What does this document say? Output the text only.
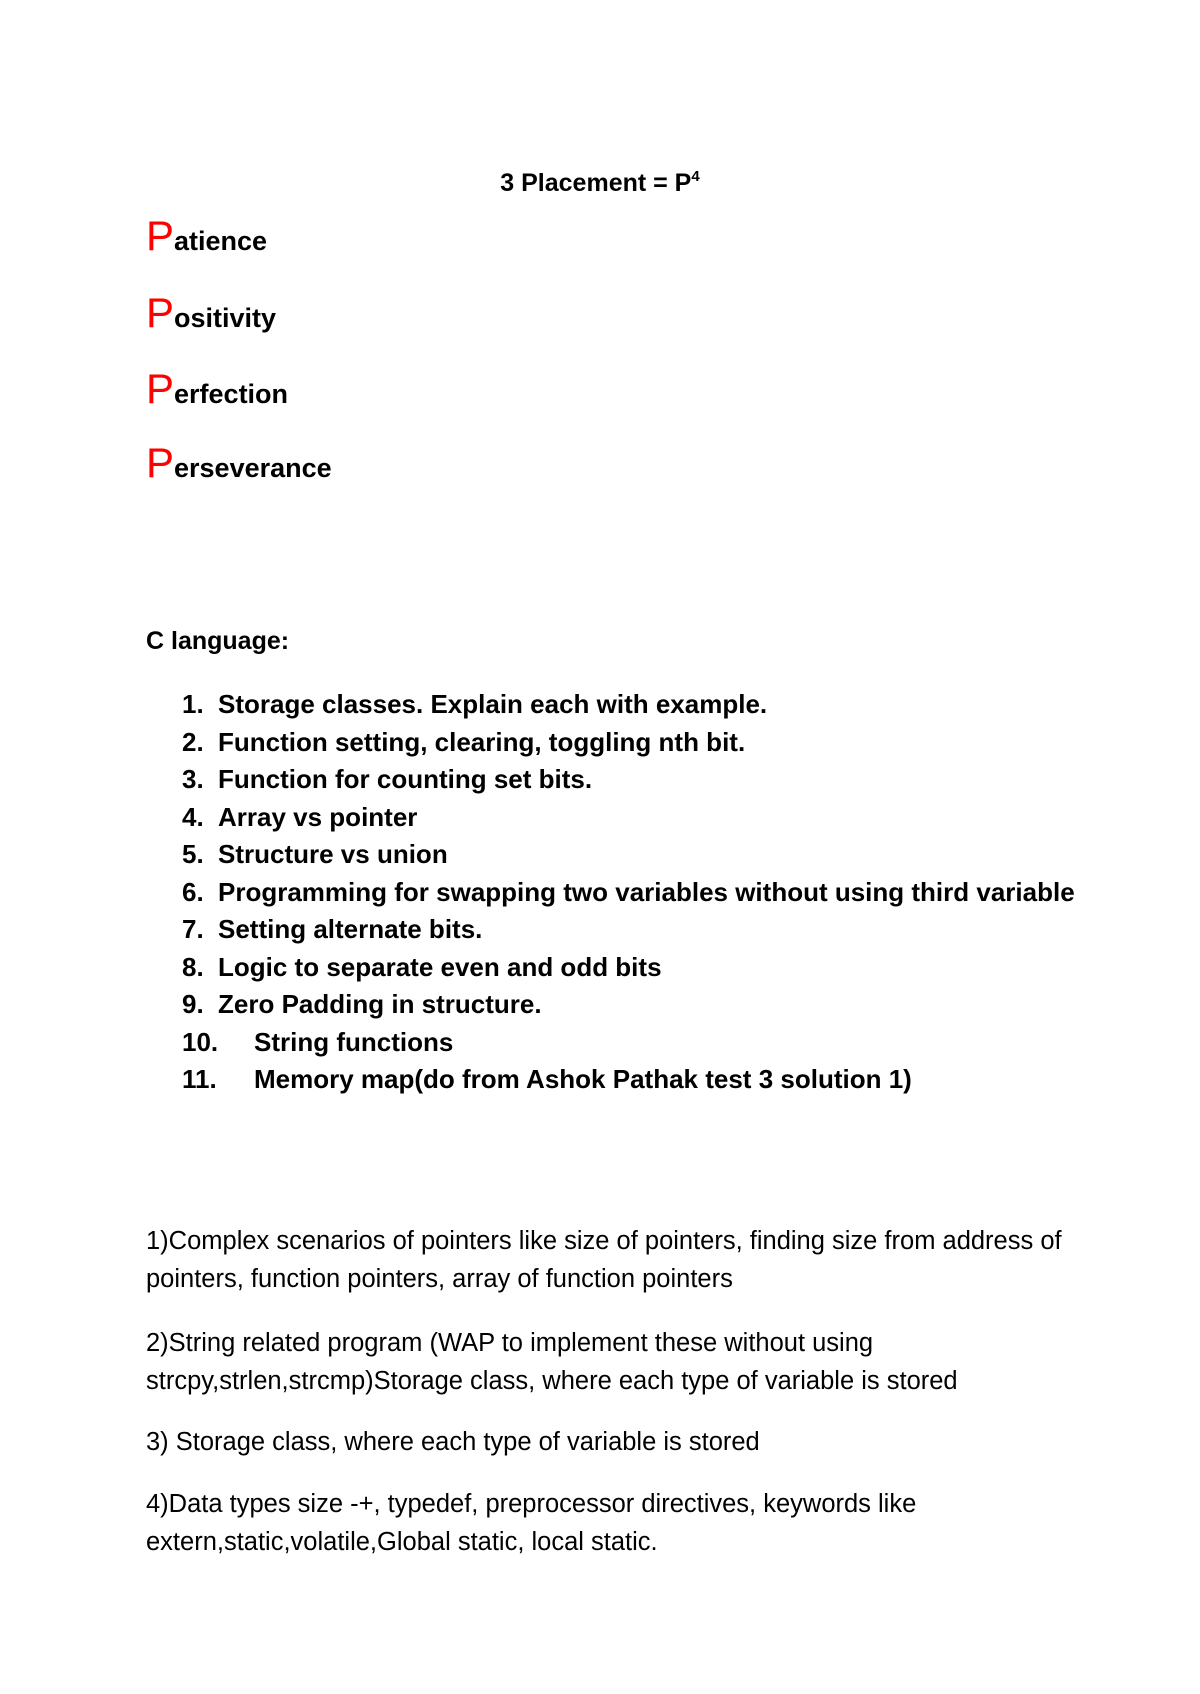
3 Placement = $P^4$
Patience
Positivity
Perfection
Perseverance
C language:
1. Storage classes. Explain each with example.
2. Function setting, clearing, toggling nth bit.
3. Function for counting set bits.
4. Array vs pointer
5. Structure vs union
6. Programming for swapping two variables without using third variable
7. Setting alternate bits.
8. Logic to separate even and odd bits
9. Zero Padding in structure.
10. String functions
11. Memory map(do from Ashok Pathak test 3 solution 1)

1)Complex scenarios of pointers like size of pointers, finding size from address of pointers, function pointers, array of function pointers

2)String related program (WAP to implement these without using strcpy,strlen,strcmp)Storage class, where each type of variable is stored

3) Storage class, where each type of variable is stored

4)Data types size -+, typedef, preprocessor directives, keywords like extern,static,volatile,Global static, local static.
